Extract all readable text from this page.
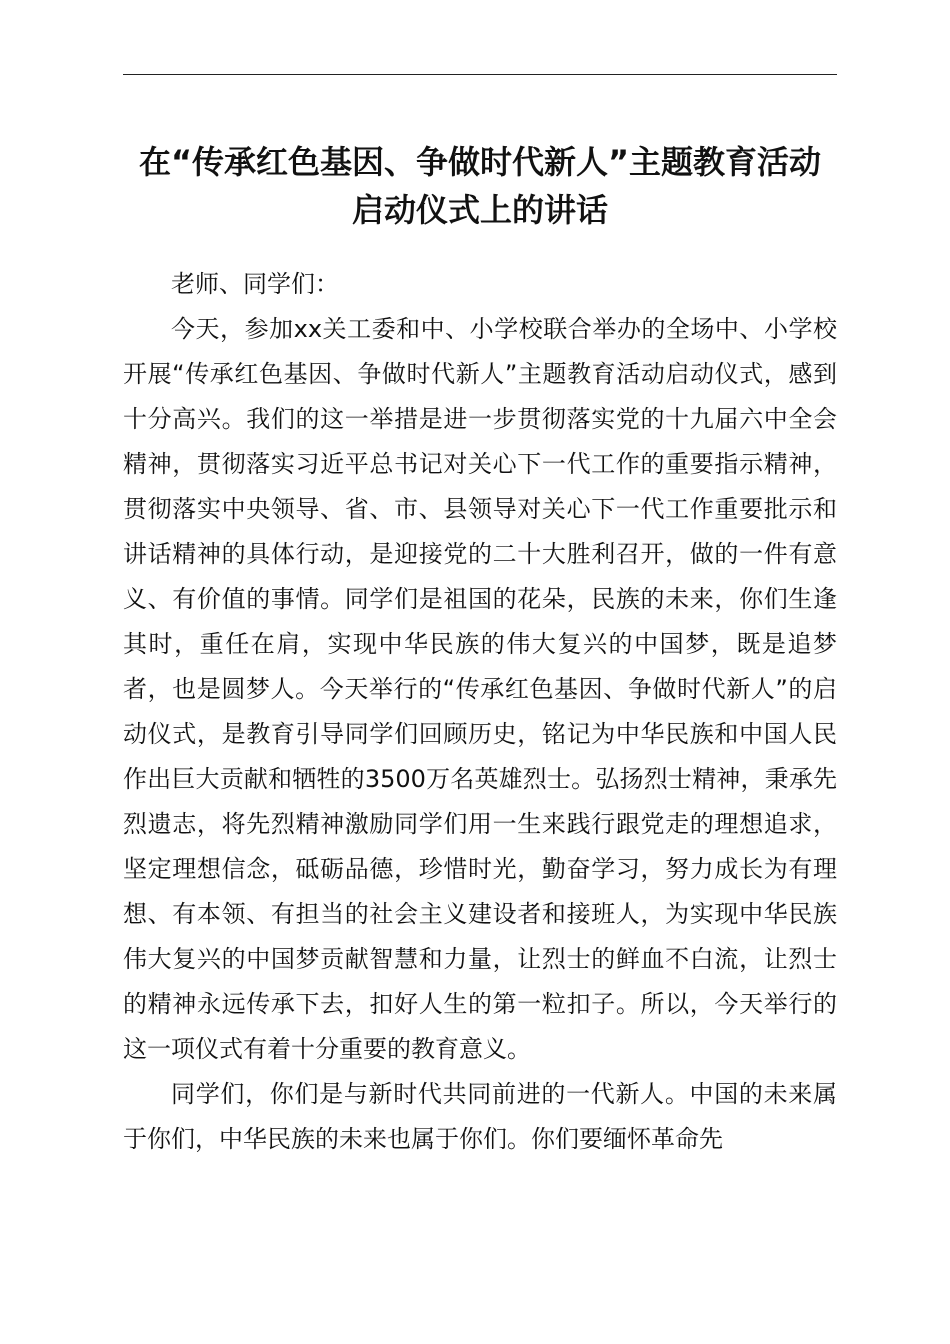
在“传承红色基因、争做时代新人”主题教育活动启动仪式上的讲话

老师、同学们：

今天，参加xx关工委和中、小学校联合举办的全场中、小学校开展“传承红色基因、争做时代新人”主题教育活动启动仪式，感到十分高兴。我们的这一举措是进一步贯彻落实党的十九届六中全会精神，贯彻落实习近平总书记对关心下一代工作的重要指示精神，贯彻落实中央领导、省、市、县领导对关心下一代工作重要批示和讲话精神的具体行动，是迎接党的二十大胜利召开，做的一件有意义、有价值的事情。同学们是祖国的花朵，民族的未来，你们生逢其时，重任在肩，实现中华民族的伟大复兴的中国梦，既是追梦者，也是圆梦人。今天举行的“传承红色基因、争做时代新人”的启动仪式，是教育引导同学们回顾历史，铭记为中华民族和中国人民作出巨大贡献和牺牲的3500万名英雄烈士。弘扬烈士精神，秉承先烈遗志，将先烈精神激励同学们用一生来践行跟党走的理想追求，坚定理想信念，砥砺品德，珍惜时光，勤奋学习，努力成长为有理想、有本领、有担当的社会主义建设者和接班人，为实现中华民族伟大复兴的中国梦贡献智慧和力量，让烈士的鲜血不白流，让烈士的精神永远传承下去，扣好人生的第一粒扣子。所以，今天举行的这一项仪式有着十分重要的教育意义。

同学们，你们是与新时代共同前进的一代新人。中国的未来属于你们，中华民族的未来也属于你们。你们要缅怀革命先
